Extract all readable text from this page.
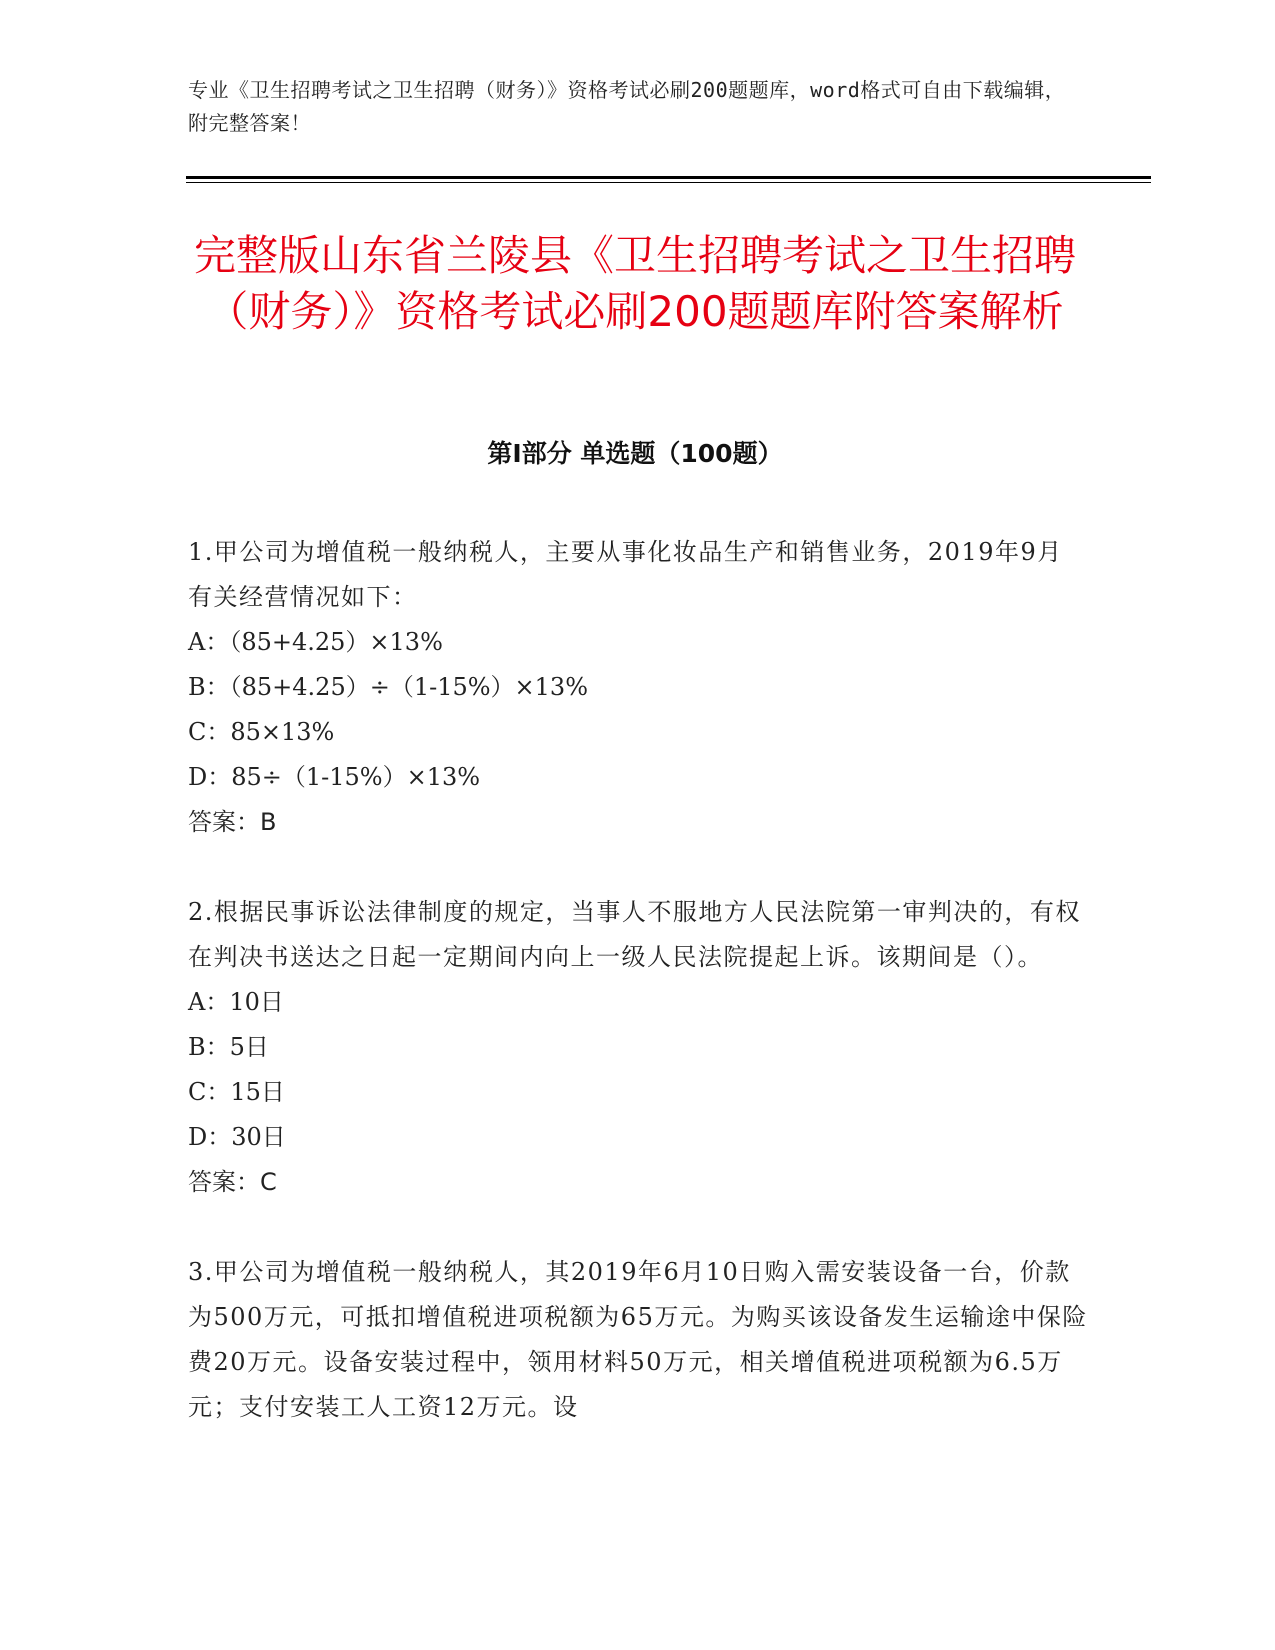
专业《卫生招聘考试之卫生招聘（财务）》资格考试必刷200题题库，word格式可自由下载编辑，附完整答案！
完整版山东省兰陵县《卫生招聘考试之卫生招聘（财务）》资格考试必刷200题题库附答案解析
第Ⅰ部分 单选题（100题）

1.甲公司为增值税一般纳税人，主要从事化妆品生产和销售业务，2019年9月有关经营情况如下：

A：（85+4.25）×13%

B：（85+4.25）÷（1-15%）×13%

C：85×13%

D：85÷（1-15%）×13%

答案：B

2.根据民事诉讼法律制度的规定，当事人不服地方人民法院第一审判决的，有权在判决书送达之日起一定期间内向上一级人民法院提起上诉。该期间是（）。

A：10日

B：5日

C：15日

D：30日

答案：C

3.甲公司为增值税一般纳税人，其2019年6月10日购入需安装设备一台，价款为500万元，可抵扣增值税进项税额为65万元。为购买该设备发生运输途中保险费20万元。设备安装过程中，领用材料50万元，相关增值税进项税额为6.5万元；支付安装工人工资12万元。设
